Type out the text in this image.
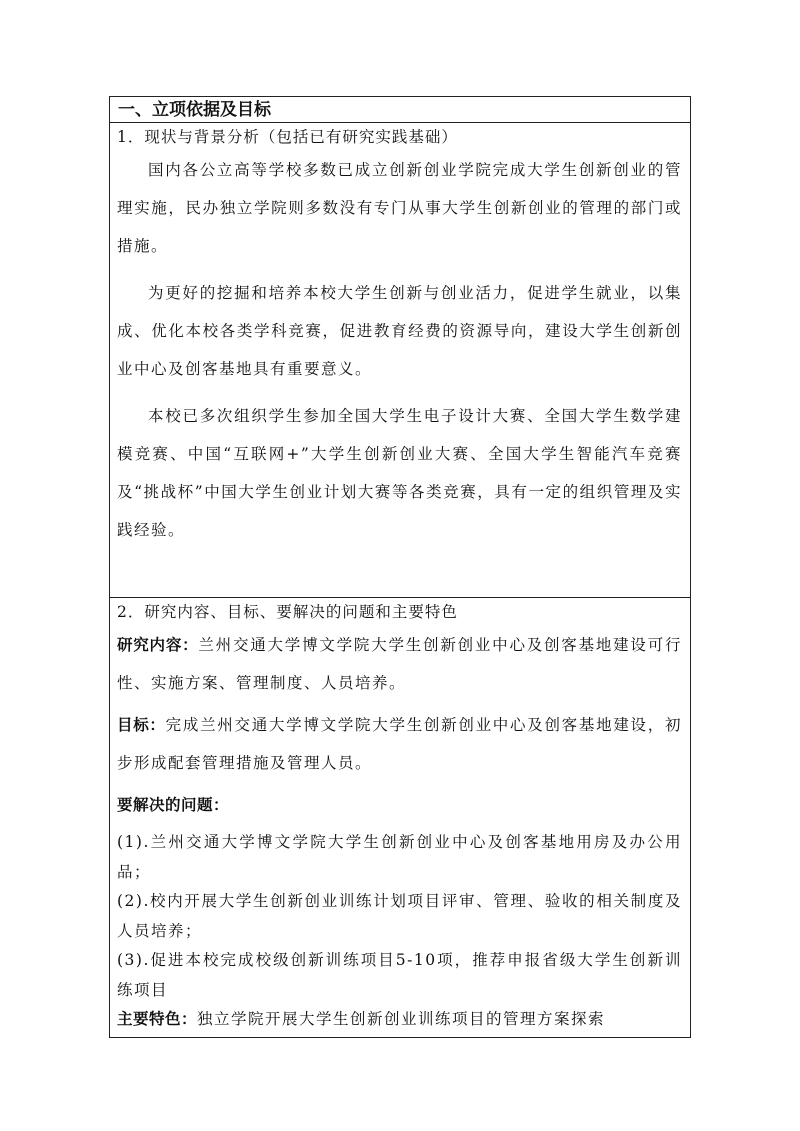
一、立项依据及目标
1．现状与背景分析（包括已有研究实践基础）

国内各公立高等学校多数已成立创新创业学院完成大学生创新创业的管理实施，民办独立学院则多数没有专门从事大学生创新创业的管理的部门或措施。

为更好的挖掘和培养本校大学生创新与创业活力，促进学生就业，以集成、优化本校各类学科竞赛，促进教育经费的资源导向，建设大学生创新创业中心及创客基地具有重要意义。

本校已多次组织学生参加全国大学生电子设计大赛、全国大学生数学建模竞赛、中国“互联网+”大学生创新创业大赛、全国大学生智能汽车竞赛及“挑战杯”中国大学生创业计划大赛等各类竞赛，具有一定的组织管理及实践经验。

2．研究内容、目标、要解决的问题和主要特色

研究内容：兰州交通大学博文学院大学生创新创业中心及创客基地建设可行性、实施方案、管理制度、人员培养。

目标：完成兰州交通大学博文学院大学生创新创业中心及创客基地建设，初步形成配套管理措施及管理人员。

要解决的问题：

(1).兰州交通大学博文学院大学生创新创业中心及创客基地用房及办公用品；

(2).校内开展大学生创新创业训练计划项目评审、管理、验收的相关制度及人员培养；

(3).促进本校完成校级创新训练项目5-10项，推荐申报省级大学生创新训练项目

主要特色：独立学院开展大学生创新创业训练项目的管理方案探索
